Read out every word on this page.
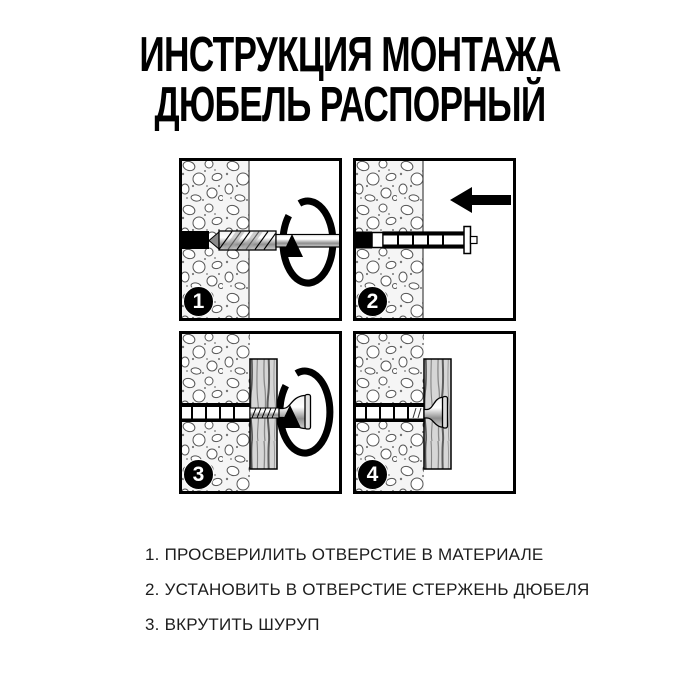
ИНСТРУКЦИЯ МОНТАЖА
ДЮБЕЛЬ РАСПОРНЫЙ
1	2
3	4
1. ПРОСВЕРИЛИТЬ ОТВЕРСТИЕ В МАТЕРИАЛЕ
2. УСТАНОВИТЬ В ОТВЕРСТИЕ СТЕРЖЕНЬ ДЮБЕЛЯ
3. ВКРУТИТЬ ШУРУП
